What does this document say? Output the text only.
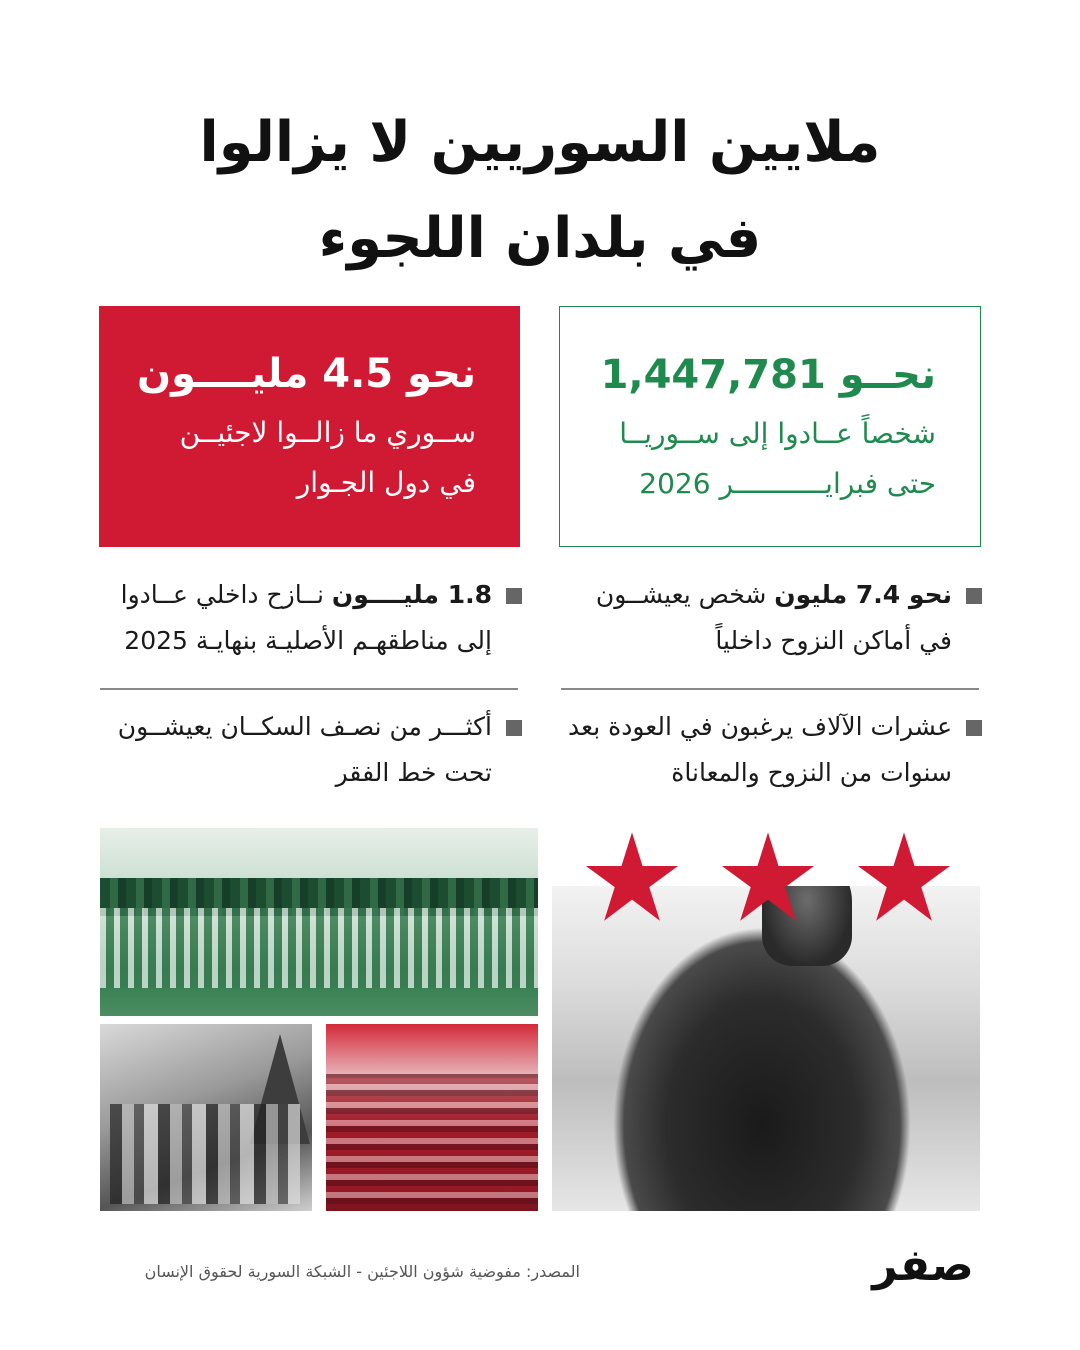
ملايين السوريين لا يزالوا
في بلدان اللجوء
نحــو 1,447,781
شخصاً عــادوا إلى ســوريــا
حتى فبرايـــــــــــر 2026
نحو 4.5 مليــــون
ســوري ما زالــوا لاجئيــن
في دول الجـوار
نحو 7.4 مليون شخص يعيشــون
في أماكن النزوح داخلياً
عشرات الآلاف يرغبون في العودة بعد
سنوات من النزوح والمعاناة
1.8 مليــــون نــازح داخلي عــادوا
إلى مناطقهـم الأصليـة بنهايـة 2025
أكثـــر من نصـف السكــان يعيشــون
تحت خط الفقر
المصدر: مفوضية شؤون اللاجئين - الشبكة السورية لحقوق الإنسان	صفر
